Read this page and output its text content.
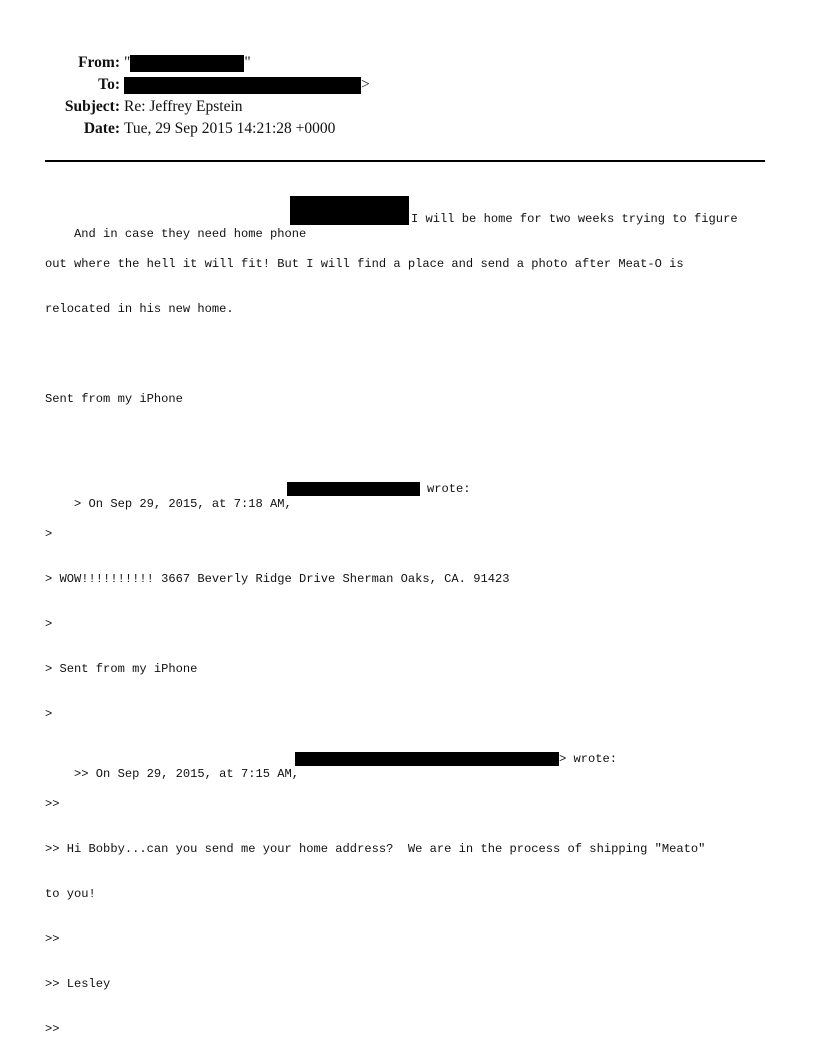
From: "	"
To:	>
Subject: Re: Jeffrey Epstein
Date: Tue, 29 Sep 2015 14:21:28 +0000

And in case they need home phone
I will be home for two weeks trying to figure

out where the hell it will fit! But I will find a place and send a photo after Meat-O is

relocated in his new home.

Sent from my iPhone

> On Sep 29, 2015, at 7:18 AM,

wrote:

>

> WOW!!!!!!!!!! 3667 Beverly Ridge Drive Sherman Oaks, CA. 91423

>

> Sent from my iPhone

>

>> On Sep 29, 2015, at 7:15 AM,

> wrote:

>>

>> Hi Bobby...can you send me your home address?  We are in the process of shipping "Meato"

to you!

>>

>> Lesley

>>
